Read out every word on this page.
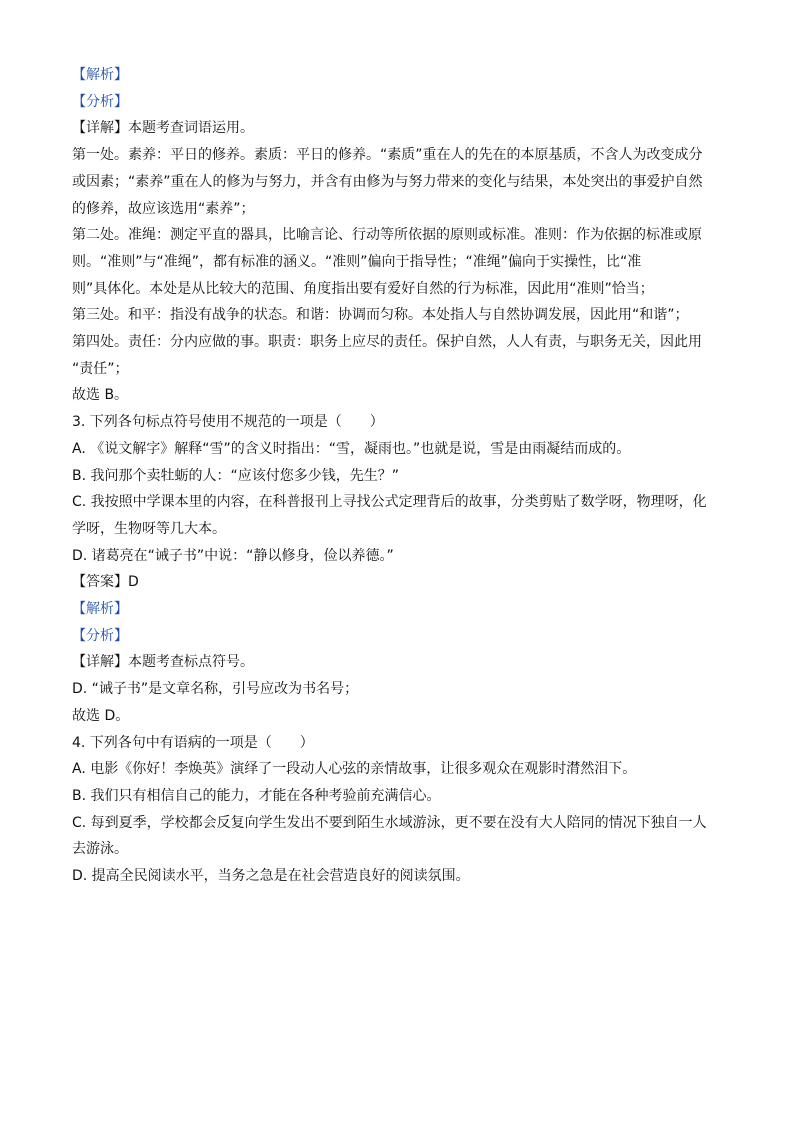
【解析】

【分析】

【详解】本题考查词语运用。

第一处。素养：平日的修养。素质：平日的修养。“素质”重在人的先在的本原基质，不含人为改变成分

或因素；“素养”重在人的修为与努力，并含有由修为与努力带来的变化与结果，本处突出的事爱护自然

的修养，故应该选用“素养”；

第二处。准绳：测定平直的器具，比喻言论、行动等所依据的原则或标准。准则：作为依据的标准或原

则。“准则”与“准绳”，都有标准的涵义。“准则”偏向于指导性；“准绳”偏向于实操性，比“准

则”具体化。本处是从比较大的范围、角度指出要有爱好自然的行为标准，因此用“准则”恰当；

第三处。和平：指没有战争的状态。和谐：协调而匀称。本处指人与自然协调发展，因此用“和谐”；

第四处。责任：分内应做的事。职责：职务上应尽的责任。保护自然，人人有责，与职务无关，因此用

“责任”；

故选 B。

3. 下列各句标点符号使用不规范的一项是（　　）

A. 《说文解字》解释“雪”的含义时指出：“雪，凝雨也。”也就是说，雪是由雨凝结而成的。

B. 我问那个卖牡蛎的人：“应该付您多少钱，先生？”

C. 我按照中学课本里的内容，在科普报刊上寻找公式定理背后的故事，分类剪贴了数学呀，物理呀，化

学呀，生物呀等几大本。

D. 诸葛亮在“诫子书”中说：“静以修身，俭以养德。”

【答案】D

【解析】

【分析】

【详解】本题考查标点符号。

D. “诫子书”是文章名称，引号应改为书名号；

故选 D。

4. 下列各句中有语病的一项是（　　）

A. 电影《你好！李焕英》演绎了一段动人心弦的亲情故事，让很多观众在观影时潸然泪下。

B. 我们只有相信自己的能力，才能在各种考验前充满信心。

C. 每到夏季，学校都会反复向学生发出不要到陌生水域游泳，更不要在没有大人陪同的情况下独自一人

去游泳。

D. 提高全民阅读水平，当务之急是在社会营造良好的阅读氛围。
